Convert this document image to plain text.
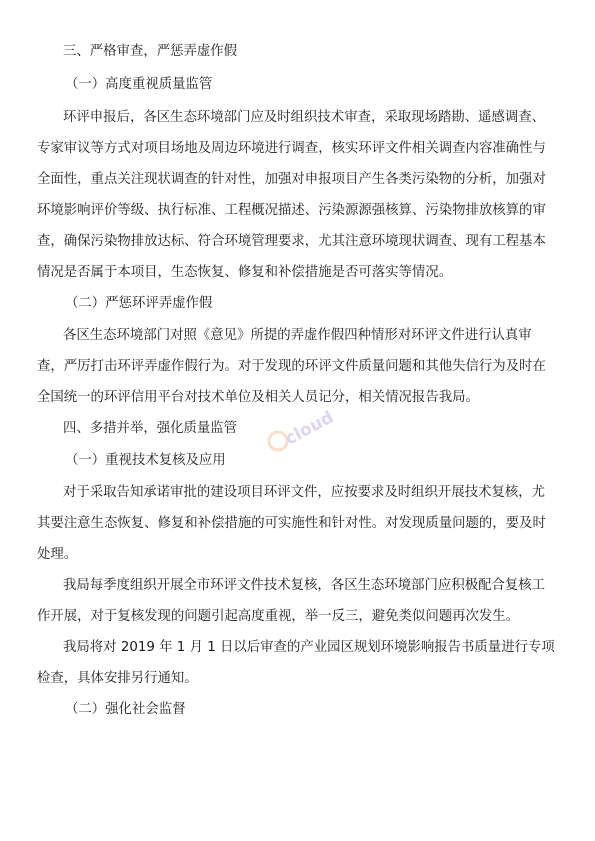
三、严格审查，严惩弄虚作假
（一）高度重视质量监管
环评申报后，各区生态环境部门应及时组织技术审查，采取现场踏勘、遥感调查、
专家审议等方式对项目场地及周边环境进行调查，核实环评文件相关调查内容准确性与
全面性，重点关注现状调查的针对性，加强对申报项目产生各类污染物的分析，加强对
环境影响评价等级、执行标准、工程概况描述、污染源源强核算、污染物排放核算的审
查，确保污染物排放达标、符合环境管理要求，尤其注意环境现状调查、现有工程基本
情况是否属于本项目，生态恢复、修复和补偿措施是否可落实等情况。
（二）严惩环评弄虚作假
各区生态环境部门对照《意见》所提的弄虚作假四种情形对环评文件进行认真审
查，严厉打击环评弄虚作假行为。对于发现的环评文件质量问题和其他失信行为及时在
全国统一的环评信用平台对技术单位及相关人员记分，相关情况报告我局。
四、多措并举，强化质量监管
（一）重视技术复核及应用
对于采取告知承诺审批的建设项目环评文件，应按要求及时组织开展技术复核，尤
其要注意生态恢复、修复和补偿措施的可实施性和针对性。对发现质量问题的，要及时
处理。
我局每季度组织开展全市环评文件技术复核，各区生态环境部门应积极配合复核工
作开展，对于复核发现的问题引起高度重视，举一反三，避免类似问题再次发生。
我局将对 2019 年 1 月 1 日以后审查的产业园区规划环境影响报告书质量进行专项
检查，具体安排另行通知。
（二）强化社会监督
cloud
